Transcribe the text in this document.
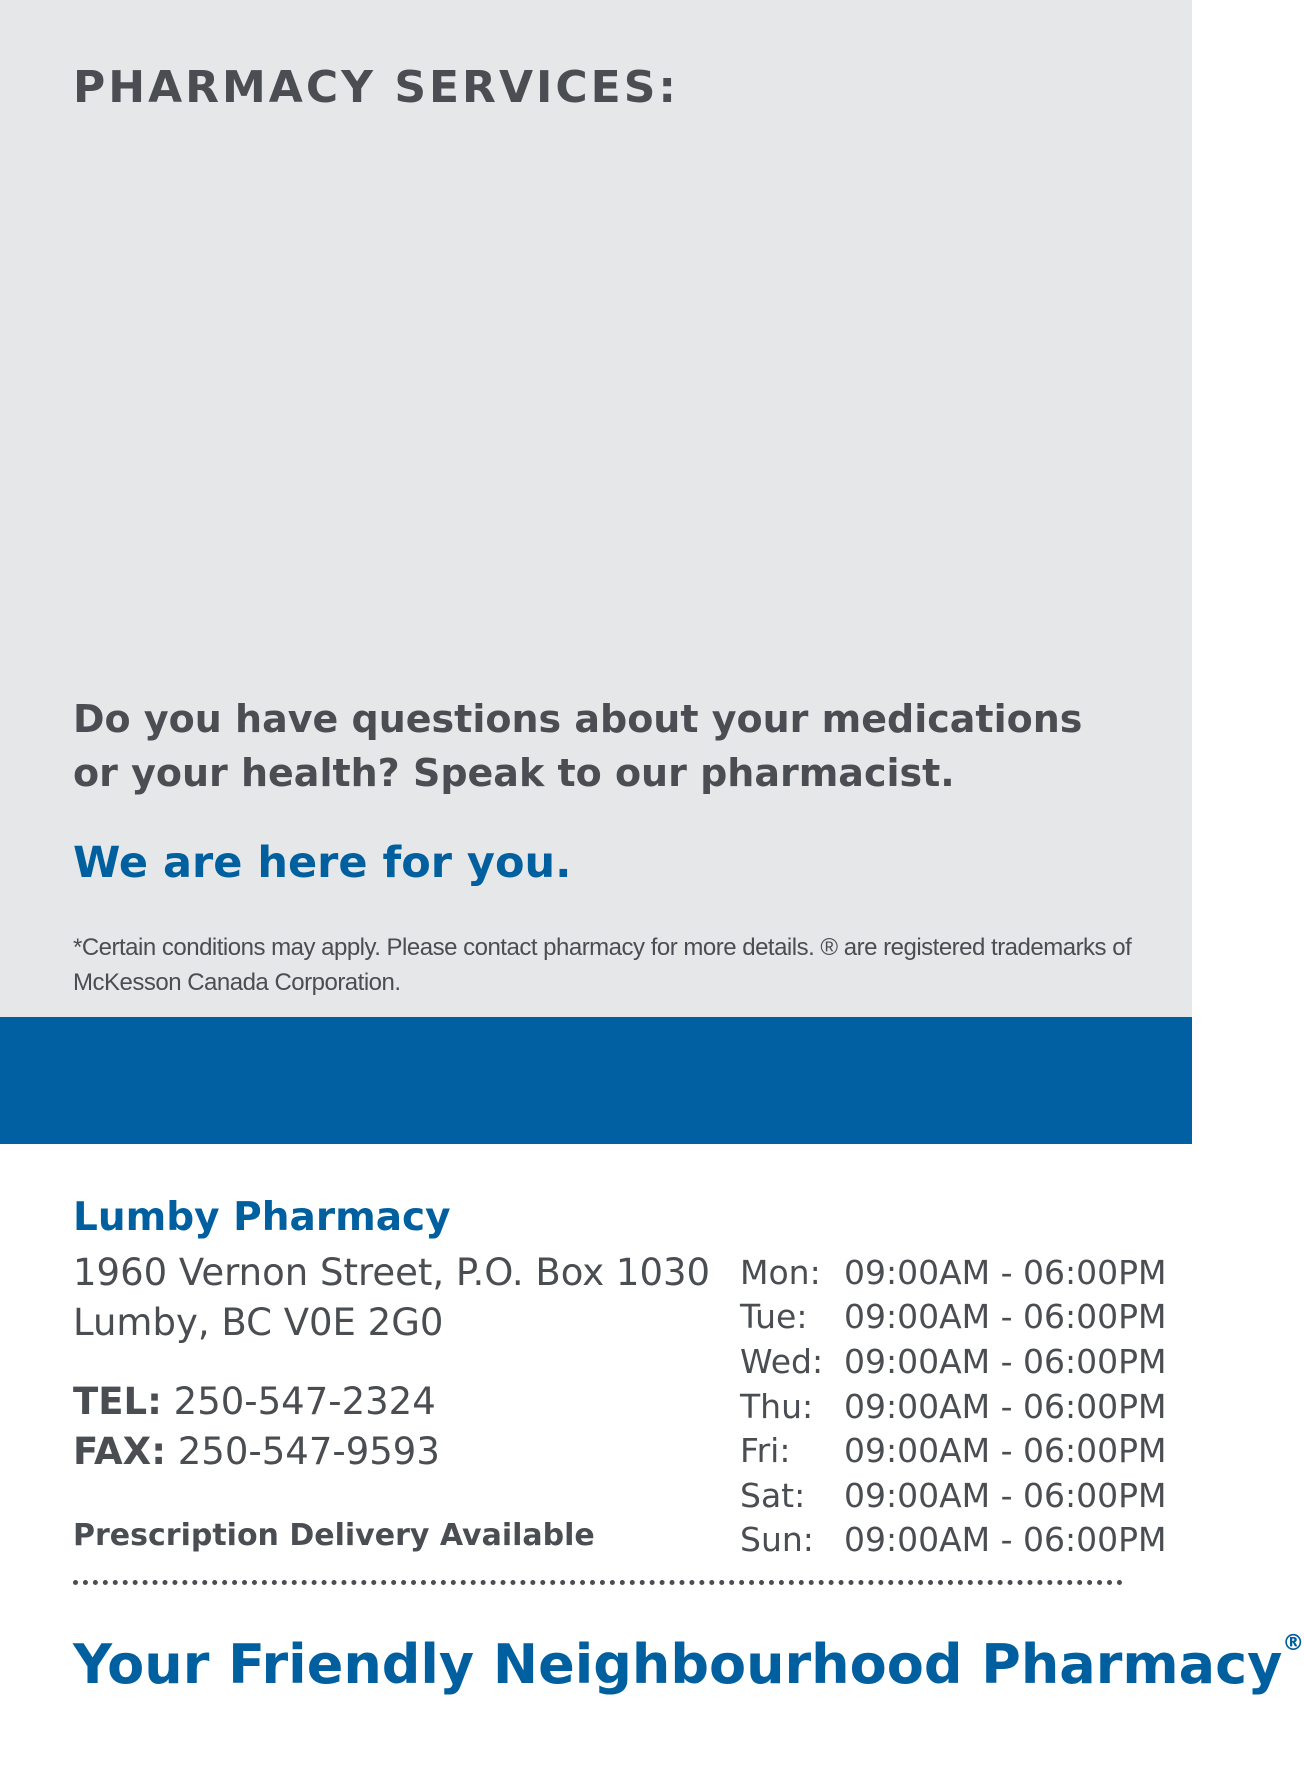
PHARMACY SERVICES:

Do you have questions about your medications
or your health? Speak to our pharmacist.

We are here for you.

*Certain conditions may apply. Please contact pharmacy for more details. ® are registered trademarks of
McKesson Canada Corporation.

Lumby Pharmacy
1960 Vernon Street, P.O. Box 1030
Lumby, BC V0E 2G0
TEL: 250-547-2324
FAX: 250-547-9593

Prescription Delivery Available

Mon: 09:00AM - 06:00PM
Tue:	09:00AM - 06:00PM
Wed: 09:00AM - 06:00PM
Thu: 09:00AM - 06:00PM
Fri:	09:00AM - 06:00PM
Sat:	09:00AM - 06:00PM
Sun: 09:00AM - 06:00PM
Your Friendly Neighbourhood Pharmacy®
